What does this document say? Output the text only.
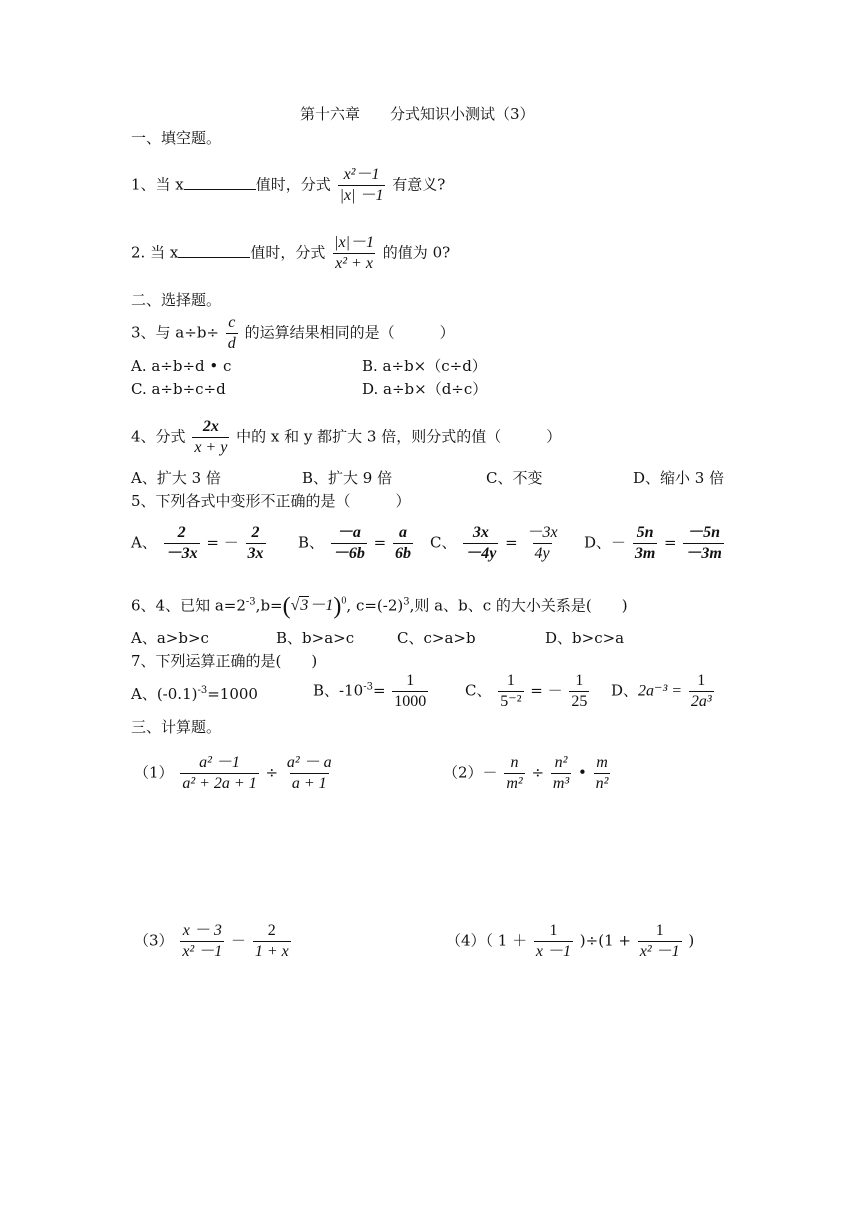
第十六章　　分式知识小测试（3）
一、填空题。
1、当 x	值时，分式 $\frac{\text{x²－1}}{|x| -1}$ 有意义?
2. 当 x	值时，分式 $\frac{|x|-1}{\text{x² + x}}$ 的值为 0?
二、选择题。
3、与 $a\div b\div \frac{c}{d}$ 的运算结果相同的是（　　　）
A. a÷b÷d • c	B. a÷b×（c÷d）
C. a÷b÷c÷d	D. a÷b×（d÷c）
4、分式 $\frac{2x}{x + y}$ 中的 x 和 y 都扩大 3 倍，则分式的值（　　　）
A、扩大 3 倍	B、扩大 9 倍	C、不变	D、缩小 3 倍
5、下列各式中变形不正确的是（　　　）
A、 $\frac{2}{-3x}$ = － $\frac{2}{3x}$ B、 $\frac{-a}{-6b} = \frac{a}{6b}$ C、 $\frac{3x}{-4y} = \frac{-3x}{4y}$ D、－ $\frac{5n}{3m} = \frac{-5n}{-3m}$
6、4、已知 $a=2^{-3},b=(√3-1)^0$, $c=(-2)^3$,则 a、b、c 的大小关系是(　　)
A、a>b>c	B、b>a>c	C、c>a>b	D、b>c>a
7、下列运算正确的是(　　)
A、$(-0.1)^{-3}=1000$	B、$-10^{-3}= \frac{1}{1000}$ C、 $\frac{1}{\text{5⁻²}}$ = － $\frac{1}{25}$ D、$2a^{-3} = \frac{1}{\text{2a³}}$
三、计算题。
$(1) \frac{\text{a² －1}}{\text{a² + 2a + 1}} \div \frac{\text{a² － a}}{a + 1}$	$(2)- \frac{n}{\text{m²}} \div \frac{\text{n²}}{\text{m³}}$ • $\frac{m}{\text{n²}}$
$(3) \frac{x - 3}{\text{x² －1}} - \frac{2}{1 + x}$	（4）（ $1 + \frac{1}{x -1} )\div(1 + \frac{1}{\text{x² －1}}$ )
